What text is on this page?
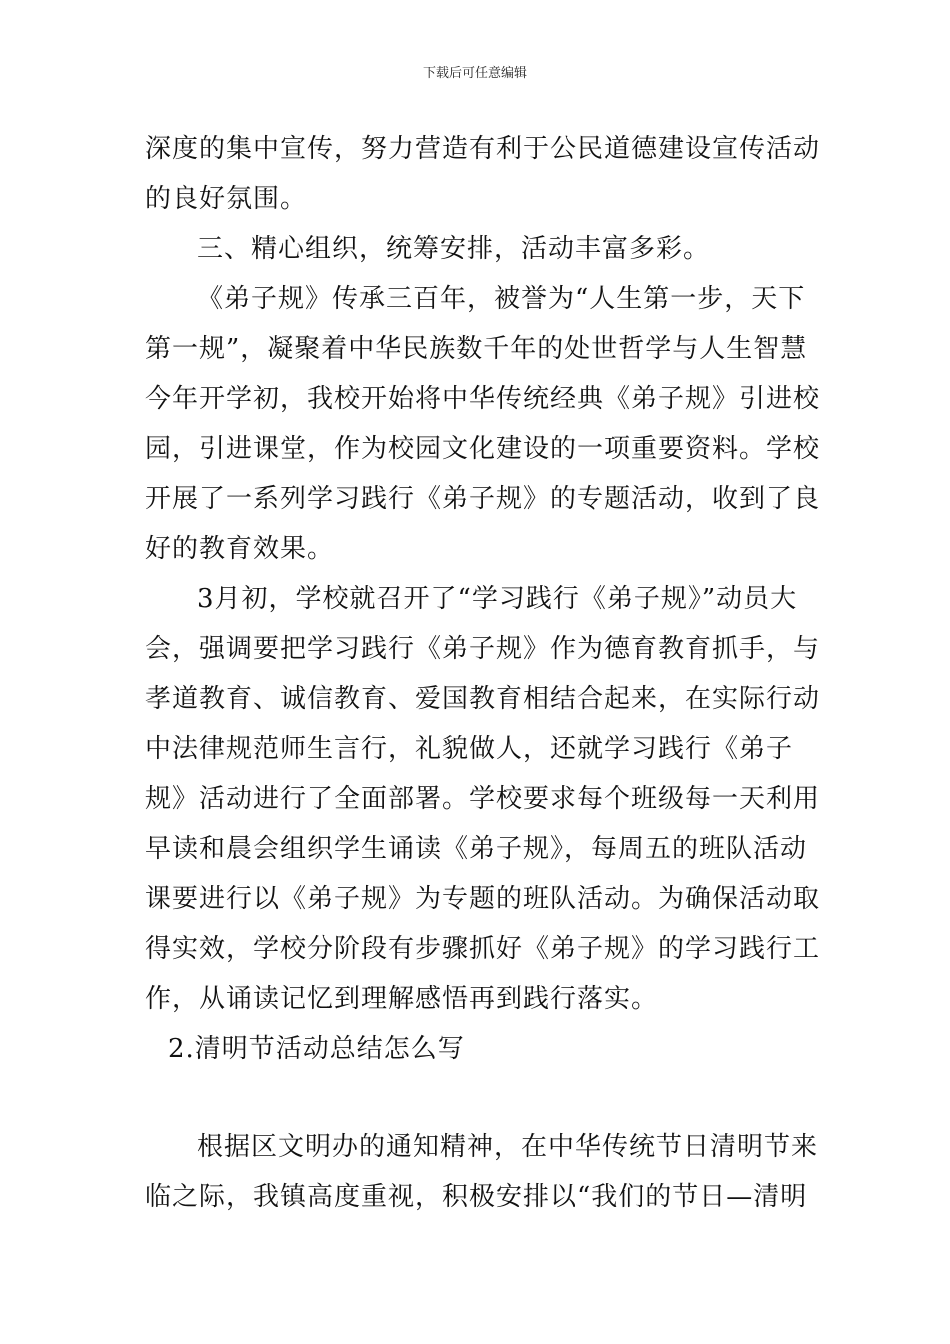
下载后可任意编辑
深度的集中宣传，努力营造有利于公民道德建设宣传活动
的良好氛围。
三、精心组织，统筹安排，活动丰富多彩。
《弟子规》传承三百年，被誉为“人生第一步，天下
第一规”，凝聚着中华民族数千年的处世哲学与人生智慧
今年开学初，我校开始将中华传统经典《弟子规》引进校
园，引进课堂，作为校园文化建设的一项重要资料。学校
开展了一系列学习践行《弟子规》的专题活动，收到了良
好的教育效果。
3月初，学校就召开了“学习践行《弟子规》”动员大
会，强调要把学习践行《弟子规》作为德育教育抓手，与
孝道教育、诚信教育、爱国教育相结合起来，在实际行动
中法律规范师生言行，礼貌做人，还就学习践行《弟子
规》活动进行了全面部署。学校要求每个班级每一天利用
早读和晨会组织学生诵读《弟子规》，每周五的班队活动
课要进行以《弟子规》为专题的班队活动。为确保活动取
得实效，学校分阶段有步骤抓好《弟子规》的学习践行工
作，从诵读记忆到理解感悟再到践行落实。
2.清明节活动总结怎么写
根据区文明办的通知精神，在中华传统节日清明节来
临之际，我镇高度重视，积极安排以“我们的节日—清明
